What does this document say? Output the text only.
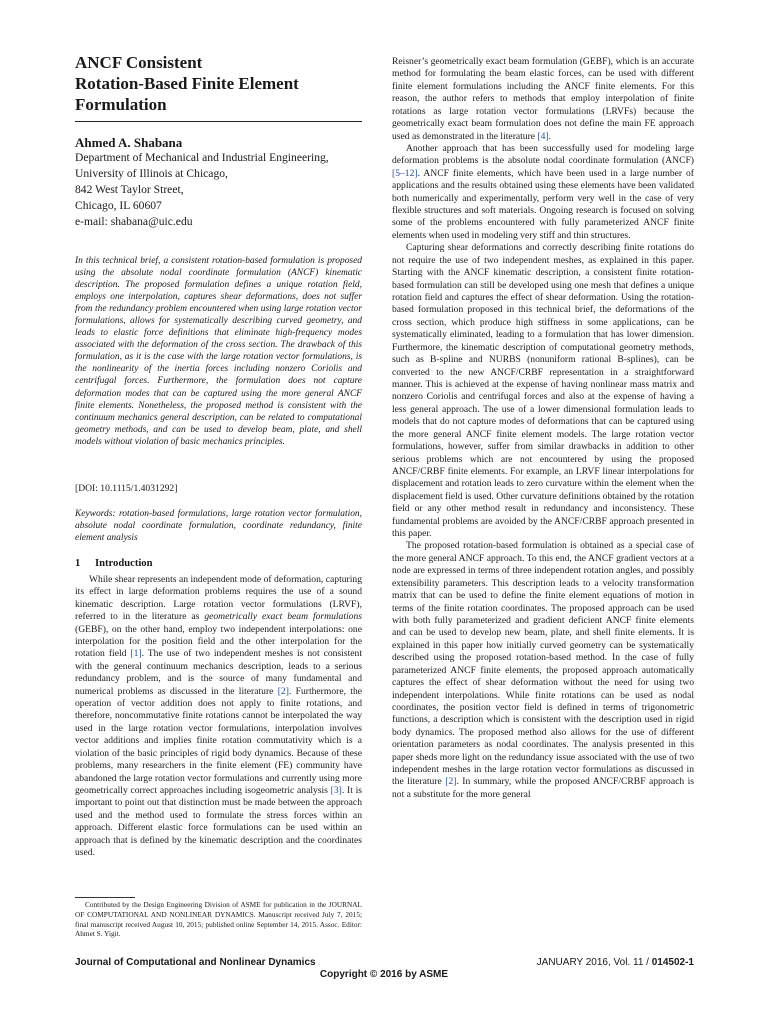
ANCF Consistent
Rotation-Based Finite Element
Formulation
Ahmed A. Shabana
Department of Mechanical and Industrial Engineering,
University of Illinois at Chicago,
842 West Taylor Street,
Chicago, IL 60607
e-mail: shabana@uic.edu

In this technical brief, a consistent rotation-based formulation is proposed using the absolute nodal coordinate formulation (ANCF) kinematic description. The proposed formulation defines a unique rotation field, employs one interpolation, captures shear deformations, does not suffer from the redundancy problem encountered when using large rotation vector formulations, allows for systematically describing curved geometry, and leads to elastic force definitions that eliminate high-frequency modes associated with the deformation of the cross section. The drawback of this formulation, as it is the case with the large rotation vector formulations, is the nonlinearity of the inertia forces including nonzero Coriolis and centrifugal forces. Furthermore, the formulation does not capture deformation modes that can be captured using the more general ANCF finite elements. Nonetheless, the proposed method is consistent with the continuum mechanics general description, can be related to computational geometry methods, and can be used to develop beam, plate, and shell models without violation of basic mechanics principles.

[DOI: 10.1115/1.4031292]

Keywords: rotation-based formulations, large rotation vector formulation, absolute nodal coordinate formulation, coordinate redundancy, finite element analysis

1 Introduction

While shear represents an independent mode of deformation, capturing its effect in large deformation problems requires the use of a sound kinematic description. Large rotation vector formulations (LRVF), referred to in the literature as geometrically exact beam formulations (GEBF), on the other hand, employ two independent interpolations: one interpolation for the position field and the other interpolation for the rotation field [1]. The use of two independent meshes is not consistent with the general continuum mechanics description, leads to a serious redundancy problem, and is the source of many fundamental and numerical problems as discussed in the literature [2]. Furthermore, the operation of vector addition does not apply to finite rotations, and therefore, noncommutative finite rotations cannot be interpolated the way used in the large rotation vector formulations, interpolation involves vector additions and implies finite rotation commutativity which is a violation of the basic principles of rigid body dynamics. Because of these problems, many researchers in the finite element (FE) community have abandoned the large rotation vector formulations and currently using more geometrically correct approaches including isogeometric analysis [3]. It is important to point out that distinction must be made between the approach used and the method used to formulate the stress forces within an approach. Different elastic force formulations can be used within an approach that is defined by the kinematic description and the coordinates used.

Contributed by the Design Engineering Division of ASME for publication in the JOURNAL OF COMPUTATIONAL AND NONLINEAR DYNAMICS. Manuscript received July 7, 2015; final manuscript received August 10, 2015; published online September 14, 2015. Assoc. Editor: Ahmet S. Yigit.

Reisner’s geometrically exact beam formulation (GEBF), which is an accurate method for formulating the beam elastic forces, can be used with different finite element formulations including the ANCF finite elements. For this reason, the author refers to methods that employ interpolation of finite rotations as large rotation vector formulations (LRVFs) because the geometrically exact beam formulation does not define the main FE approach used as demonstrated in the literature [4].

Another approach that has been successfully used for modeling large deformation problems is the absolute nodal coordinate formulation (ANCF) [5–12]. ANCF finite elements, which have been used in a large number of applications and the results obtained using these elements have been validated both numerically and experimentally, perform very well in the case of very flexible structures and soft materials. Ongoing research is focused on solving some of the problems encountered with fully parameterized ANCF finite elements when used in modeling very stiff and thin structures.

Capturing shear deformations and correctly describing finite rotations do not require the use of two independent meshes, as explained in this paper. Starting with the ANCF kinematic description, a consistent finite rotation-based formulation can still be developed using one mesh that defines a unique rotation field and captures the effect of shear deformation. Using the rotation-based formulation proposed in this technical brief, the deformations of the cross section, which produce high stiffness in some applications, can be systematically eliminated, leading to a formulation that has lower dimension. Furthermore, the kinematic description of computational geometry methods, such as B-spline and NURBS (nonuniform rational B-splines), can be converted to the new ANCF/CRBF representation in a straightforward manner. This is achieved at the expense of having nonlinear mass matrix and nonzero Coriolis and centrifugal forces and also at the expense of having a less general approach. The use of a lower dimensional formulation leads to models that do not capture modes of deformations that can be captured using the more general ANCF finite element models. The large rotation vector formulations, however, suffer from similar drawbacks in addition to other serious problems which are not encountered by using the proposed ANCF/CRBF finite elements. For example, an LRVF linear interpolations for displacement and rotation leads to zero curvature within the element when the displacement field is used. Other curvature definitions obtained by the rotation field or any other method result in redundancy and inconsistency. These fundamental problems are avoided by the ANCF/CRBF approach presented in this paper.

The proposed rotation-based formulation is obtained as a special case of the more general ANCF approach. To this end, the ANCF gradient vectors at a node are expressed in terms of three independent rotation angles, and possibly extensibility parameters. This description leads to a velocity transformation matrix that can be used to define the finite element equations of motion in terms of the finite rotation coordinates. The proposed approach can be used with both fully parameterized and gradient deficient ANCF finite elements and can be used to develop new beam, plate, and shell finite elements. It is explained in this paper how initially curved geometry can be systematically described using the proposed rotation-based method. In the case of fully parameterized ANCF finite elements, the proposed approach automatically captures the effect of shear deformation without the need for using two independent interpolations. While finite rotations can be used as nodal coordinates, the position vector field is defined in terms of trigonometric functions, a description which is consistent with the description used in rigid body dynamics. The proposed method also allows for the use of different orientation parameters as nodal coordinates. The analysis presented in this paper sheds more light on the redundancy issue associated with the use of two independent meshes in the large rotation vector formulations as discussed in the literature [2]. In summary, while the proposed ANCF/CRBF approach is not a substitute for the more general

Journal of Computational and Nonlinear Dynamics	JANUARY 2016, Vol. 11 / 014502-1
Copyright © 2016 by ASME
